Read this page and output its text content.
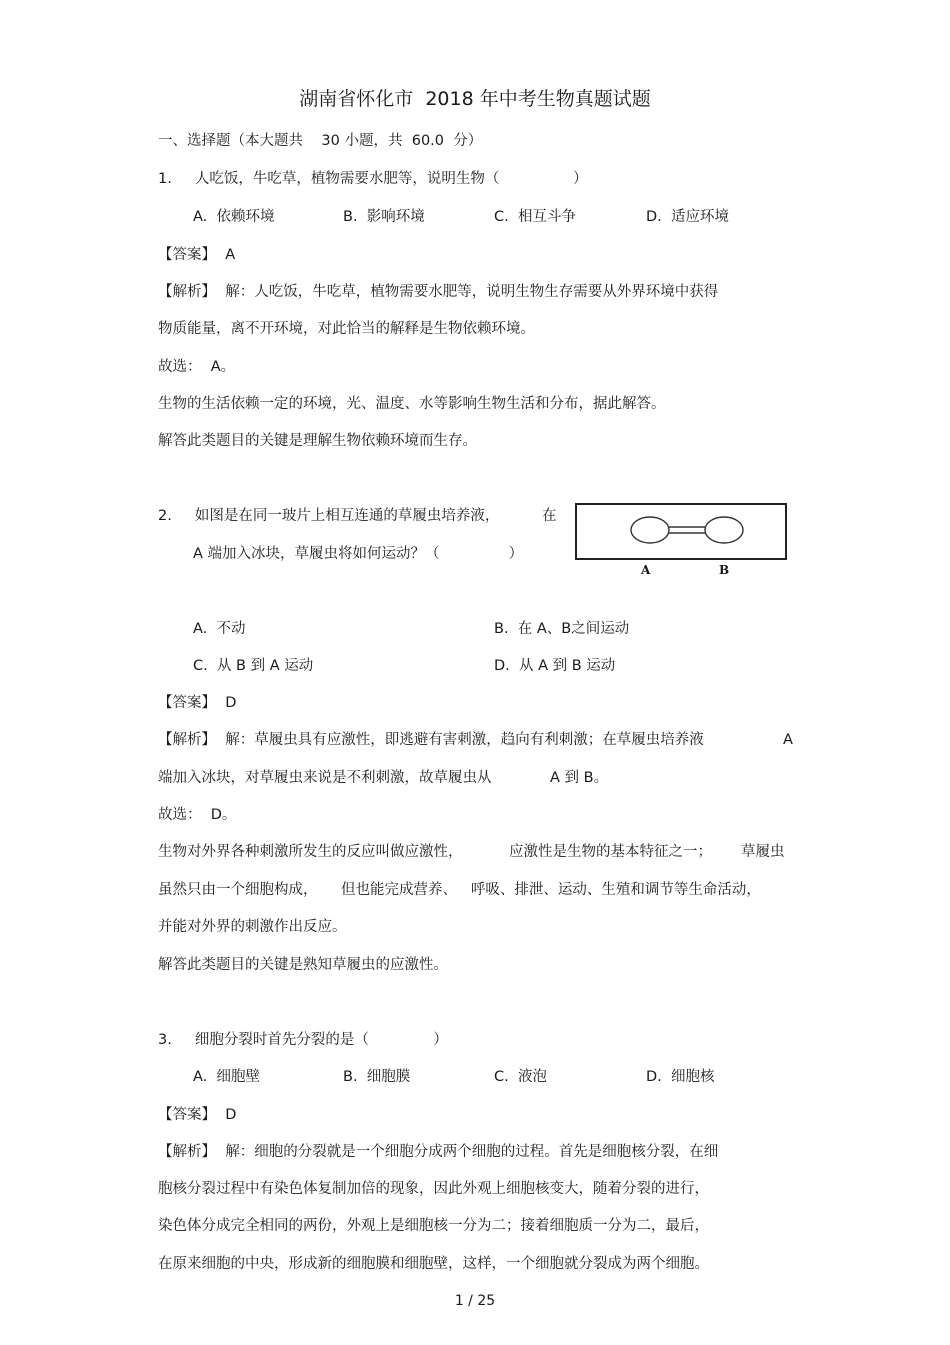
湖南省怀化市  2018 年中考生物真题试题
一、选择题（本大题共    30 小题，共  60.0  分）
1.     人吃饭，牛吃草，植物需要水肥等，说明生物（                ）
A.  依赖环境	B.  影响环境	C.  相互斗争	D.  适应环境
【答案】  A
【解析】  解：人吃饭，牛吃草，植物需要水肥等，说明生物生存需要从外界环境中获得
物质能量，离不开环境，对此恰当的解释是生物依赖环境。
故选：  A。
生物的生活依赖一定的环境，光、温度、水等影响生物生活和分布，据此解答。
解答此类题目的关键是理解生物依赖环境而生存。
2.     如图是在同一玻片上相互连通的草履虫培养液，	在
A 端加入冰块，草履虫将如何运动？（               ）
A	B
A.  不动	B.  在 A、B之间运动
C.  从 B 到 A 运动	D.  从 A 到 B 运动
【答案】  D
【解析】  解：草履虫具有应激性，即逃避有害刺激，趋向有利刺激；在草履虫培养液	A
端加入冰块，对草履虫来说是不利刺激，故草履虫从	A 到 B。
故选：  D。
生物对外界各种刺激所发生的反应叫做应激性，	应激性是生物的基本特征之一； 草履虫
虽然只由一个细胞构成， 但也能完成营养、   呼吸、排泄、运动、生殖和调节等生命活动，
并能对外界的刺激作出反应。
解答此类题目的关键是熟知草履虫的应激性。
3.     细胞分裂时首先分裂的是（              ）
A.  细胞壁	B.  细胞膜	C.  液泡	D.  细胞核
【答案】  D
【解析】  解：细胞的分裂就是一个细胞分成两个细胞的过程。首先是细胞核分裂，在细
胞核分裂过程中有染色体复制加倍的现象，因此外观上细胞核变大，随着分裂的进行，
染色体分成完全相同的两份，外观上是细胞核一分为二；接着细胞质一分为二，最后，
在原来细胞的中央，形成新的细胞膜和细胞壁，这样，一个细胞就分裂成为两个细胞。
1 / 25
